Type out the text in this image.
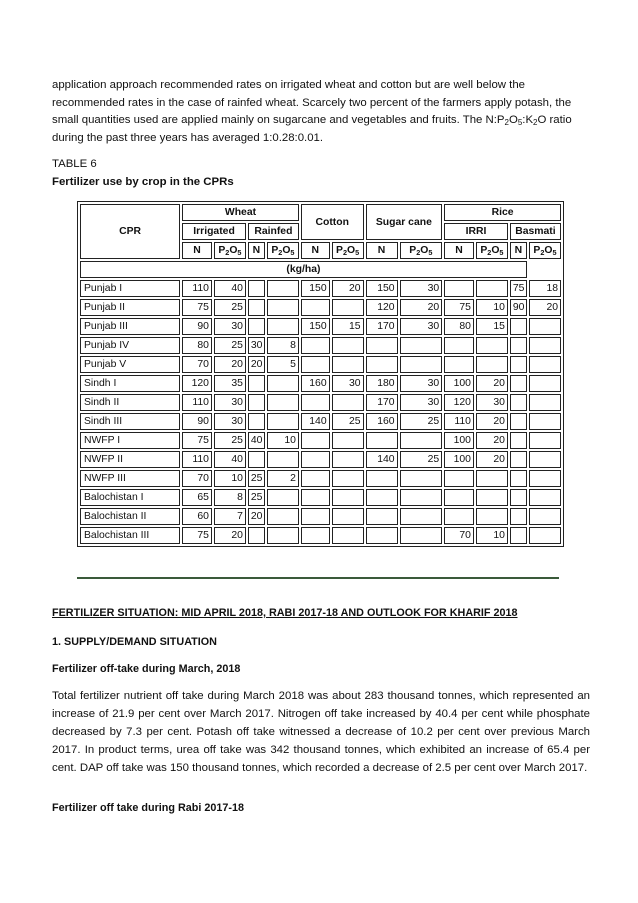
application approach recommended rates on irrigated wheat and cotton but are well below the recommended rates in the case of rainfed wheat. Scarcely two percent of the farmers apply potash, the small quantities used are applied mainly on sugarcane and vegetables and fruits. The $N:P_2O_5:K_2O$ ratio during the past three years has averaged 1:0.28:0.01.
TABLE 6
Fertilizer use by crop in the CPRs
CPR	Wheat				Cotton		Sugar cane		Rice			
	Irrigated		Rainfed						IRRI		Basmati	
	N	$P_2O_5$	N	$P_2O_5$	N	$P_2O_5$	N	$P_2O_5$	N	$P_2O_5$	N	$P_2O_5$
(kg/ha)												
Punjab I	110	40			150	20	150	30			75	18
Punjab II	75	25					120	20	75	10	90	20
Punjab III	90	30			150	15	170	30	80	15		
Punjab IV	80	25	30	8								
Punjab V	70	20	20	5								
Sindh I	120	35			160	30	180	30	100	20		
Sindh II	110	30					170	30	120	30		
Sindh III	90	30			140	25	160	25	110	20		
NWFP I	75	25	40	10					100	20		
NWFP II	110	40					140	25	100	20		
NWFP III	70	10	25	2								
Balochistan I	65	8	25									
Balochistan II	60	7	20									
Balochistan III	75	20							70	10		
FERTILIZER SITUATION: MID APRIL 2018, RABI 2017-18 AND OUTLOOK FOR KHARIF 2018
1. SUPPLY/DEMAND SITUATION
Fertilizer off-take during March, 2018
Total fertilizer nutrient off take during March 2018 was about 283 thousand tonnes, which represented an increase of 21.9 per cent over March 2017. Nitrogen off take increased by 40.4 per cent while phosphate decreased by 7.3 per cent. Potash off take witnessed a decrease of 10.2 per cent over previous March 2017. In product terms, urea off take was 342 thousand tonnes, which exhibited an increase of 65.4 per cent. DAP off take was 150 thousand tonnes, which recorded a decrease of 2.5 per cent over March 2017.
Fertilizer off take during Rabi 2017-18
